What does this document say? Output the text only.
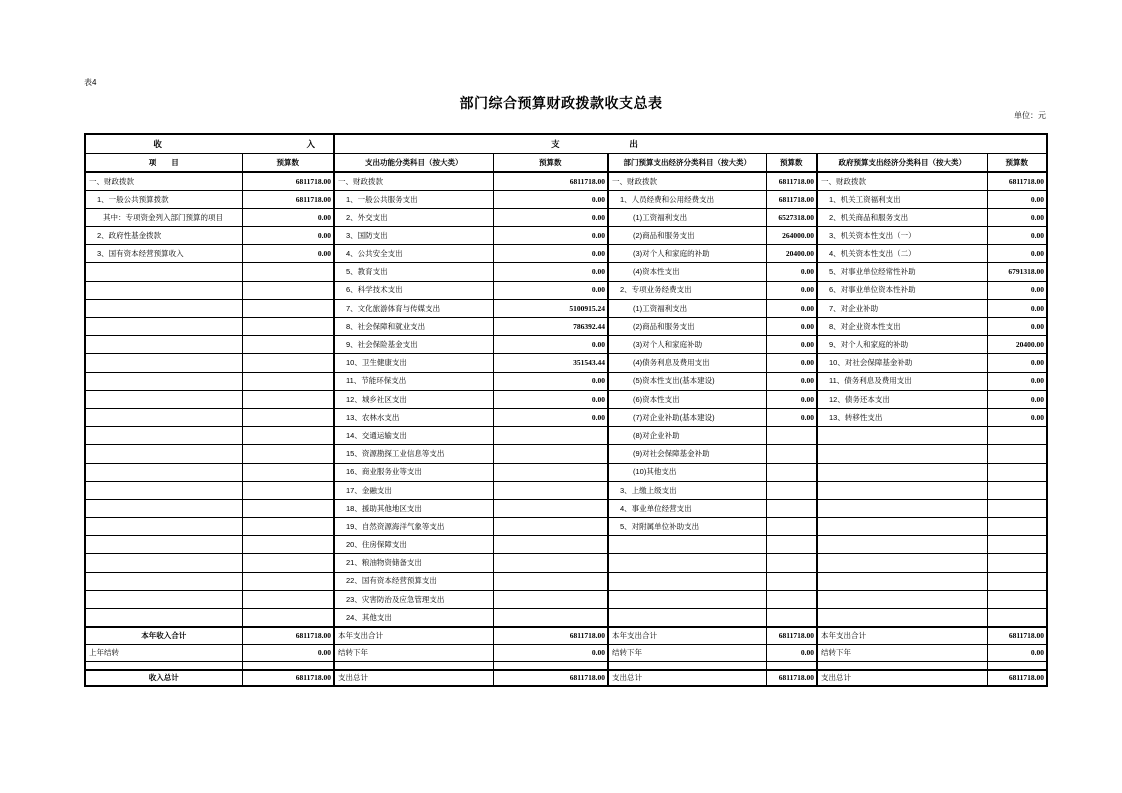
表4
部门综合预算财政拨款收支总表
单位：元
收 入		支 出					

项　　目	预算数	支出功能分类科目（按大类）	预算数	部门预算支出经济分类科目（按大类）	预算数	政府预算支出经济分类科目（按大类）	预算数
一、财政拨款	6811718.00	一、财政拨款	6811718.00	一、财政拨款	6811718.00	一、财政拨款	6811718.00
1、一般公共预算拨款	6811718.00	1、一般公共服务支出	0.00	1、人员经费和公用经费支出	6811718.00	1、机关工资福利支出	0.00
其中：专项资金列入部门预算的项目	0.00	2、外交支出	0.00	(1)工资福利支出	6527318.00	2、机关商品和服务支出	0.00
2、政府性基金拨款	0.00	3、国防支出	0.00	(2)商品和服务支出	264000.00	3、机关资本性支出（一）	0.00
3、国有资本经营预算收入	0.00	4、公共安全支出	0.00	(3)对个人和家庭的补助	20400.00	4、机关资本性支出（二）	0.00
		5、教育支出	0.00	(4)资本性支出	0.00	5、对事业单位经常性补助	6791318.00
		6、科学技术支出	0.00	2、专项业务经费支出	0.00	6、对事业单位资本性补助	0.00
		7、文化旅游体育与传媒支出	5100915.24	(1)工资福利支出	0.00	7、对企业补助	0.00
		8、社会保障和就业支出	786392.44	(2)商品和服务支出	0.00	8、对企业资本性支出	0.00
		9、社会保险基金支出	0.00	(3)对个人和家庭补助	0.00	9、对个人和家庭的补助	20400.00
		10、卫生健康支出	351543.44	(4)债务利息及费用支出	0.00	10、对社会保障基金补助	0.00
		11、节能环保支出	0.00	(5)资本性支出(基本建设)	0.00	11、债务利息及费用支出	0.00
		12、城乡社区支出	0.00	(6)资本性支出	0.00	12、债务还本支出	0.00
		13、农林水支出	0.00	(7)对企业补助(基本建设)	0.00	13、转移性支出	0.00
		14、交通运输支出		(8)对企业补助			
		15、资源勘探工业信息等支出		(9)对社会保障基金补助			
		16、商业服务业等支出		(10)其他支出			
		17、金融支出		3、上缴上级支出			
		18、援助其他地区支出		4、事业单位经营支出			
		19、自然资源海洋气象等支出		5、对附属单位补助支出			
		20、住房保障支出					
		21、粮油物资储备支出					
		22、国有资本经营预算支出					
		23、灾害防治及应急管理支出					
		24、其他支出					
本年收入合计	6811718.00	本年支出合计	6811718.00	本年支出合计	6811718.00	本年支出合计	6811718.00
上年结转	0.00	结转下年	0.00	结转下年	0.00	结转下年	0.00

收入总计	6811718.00	支出总计	6811718.00	支出总计	6811718.00	支出总计	6811718.00
